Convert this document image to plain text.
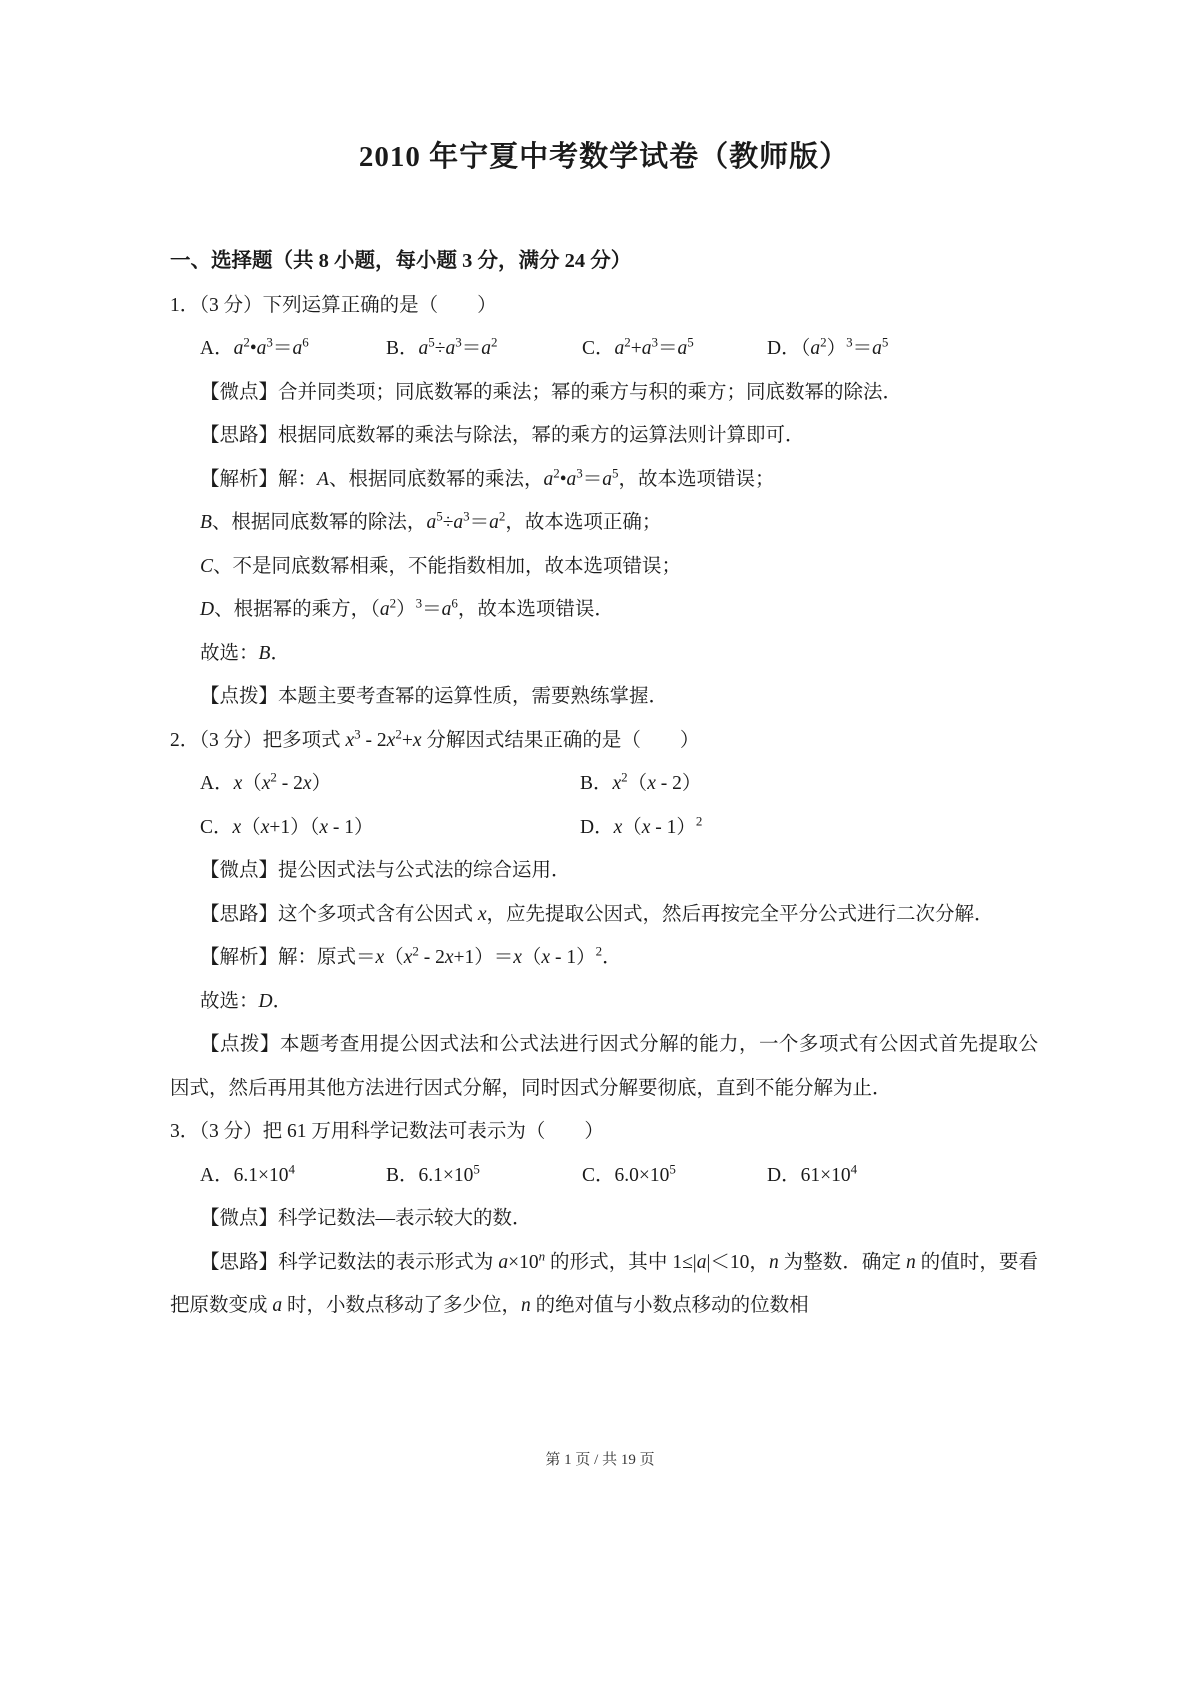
2010 年宁夏中考数学试卷（教师版）
一、选择题（共 8 小题，每小题 3 分，满分 24 分）

1．（3 分）下列运算正确的是（　　）

A．$a^2•a^3=a^6$	B．$a^5\div a^3=a^2$	C．$a^2+a^3=a^5$	D．$(a^2)^3=a^5$

【微点】合并同类项；同底数幂的乘法；幂的乘方与积的乘方；同底数幂的除法．

【思路】根据同底数幂的乘法与除法，幂的乘方的运算法则计算即可．

【解析】解：A、根据同底数幂的乘法，$a^2•a^3=a^5$，故本选项错误；

B、根据同底数幂的除法，$a^5\div a^3=a^2$，故本选项正确；

C、不是同底数幂相乘，不能指数相加，故本选项错误；

D、根据幂的乘方，$(a^2)^3=a^6$，故本选项错误．

故选：B．

【点拨】本题主要考查幂的运算性质，需要熟练掌握．

2．（3 分）把多项式 $x^3 - 2x^2+x$ 分解因式结果正确的是（　　）

A．$x(x^2 - 2x)$	B．$x^2(x - 2)$
C．x（x+1）（x - 1）	D．x（x - 1）$^2$

【微点】提公因式法与公式法的综合运用．

【思路】这个多项式含有公因式 x，应先提取公因式，然后再按完全平分公式进行二次分解．

【解析】解：原式$=x(x^2 - 2x+1)=x(x - 1)^2$．

故选：D．

【点拨】本题考查用提公因式法和公式法进行因式分解的能力，一个多项式有公因式首先提取公因式，然后再用其他方法进行因式分解，同时因式分解要彻底，直到不能分解为止．

3．（3 分）把 61 万用科学记数法可表示为（　　）

A．$6.1\times 10^4$	B．$6.1\times 10^5$	C．$6.0\times 10^5$	D．$61\times 10^4$

【微点】科学记数法—表示较大的数．

【思路】科学记数法的表示形式为 $a\times 10^n$ 的形式，其中 1≤|a|＜10，n 为整数．确定 n 的值时，要看把原数变成 a 时，小数点移动了多少位，n 的绝对值与小数点移动的位数相

第 1 页 / 共 19 页
